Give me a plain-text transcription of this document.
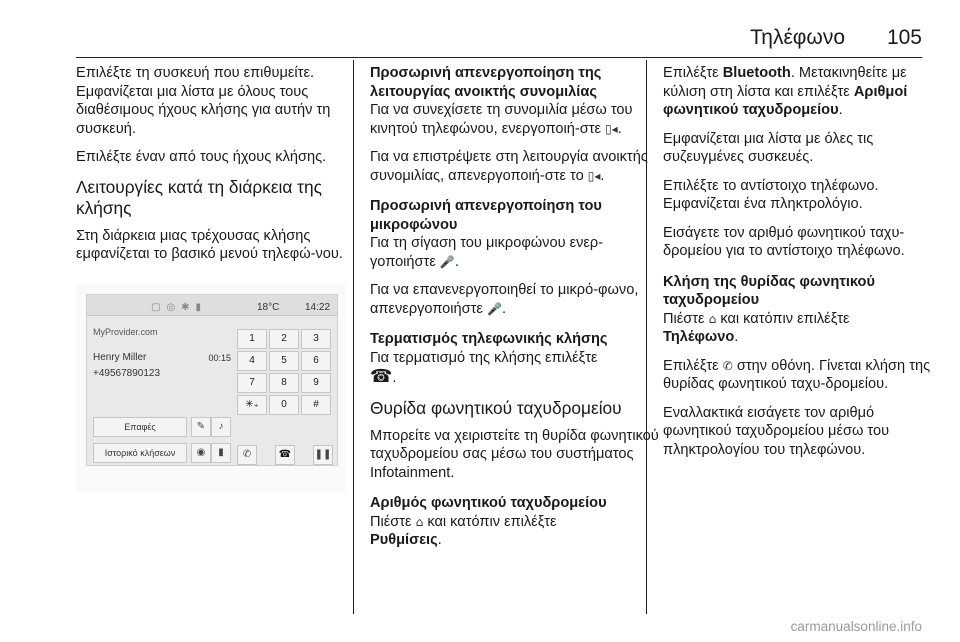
Τηλέφωνο 105

Επιλέξτε τη συσκευή που επιθυμείτε. Εμφανίζεται μια λίστα με όλους τους διαθέσιμους ήχους κλήσης για αυτήν τη συσκευή.

Επιλέξτε έναν από τους ήχους κλήσης.

Λειτουργίες κατά τη διάρκεια της κλήσης

Στη διάρκεια μιας τρέχουσας κλήσης εμφανίζεται το βασικό μενού τηλεφώ-νου.

▢◎✱▮	18°C	14:22
MyProvider.com
Henry Miller	00:15
+49567890123
1	2	3
4	5	6
7	8	9
✳₊	0	#
Επαφές	✎	♪
Ιστορικό κλήσεων	◉	▮	✆	☎	❚❚
Προσωρινή απενεργοποίηση της λειτουργίας ανοικτής συνομιλίας

Για να συνεχίσετε τη συνομιλία μέσω του κινητού τηλεφώνου, ενεργοποιή-στε ▯◂.

Για να επιστρέψετε στη λειτουργία ανοικτής συνομιλίας, απενεργοποιή-στε το ▯◂.

Προσωρινή απενεργοποίηση του μικροφώνου

Για τη σίγαση του μικροφώνου ενερ-γοποιήστε 🎤.

Για να επανενεργοποιηθεί το μικρό-φωνο, απενεργοποιήστε 🎤.

Τερματισμός τηλεφωνικής κλήσης

Για τερματισμό της κλήσης επιλέξτε
☎.

Θυρίδα φωνητικού ταχυδρομείου

Μπορείτε να χειριστείτε τη θυρίδα φωνητικού ταχυδρομείου σας μέσω του συστήματος Infotainment.

Αριθμός φωνητικού ταχυδρομείου

Πιέστε ⌂ και κατόπιν επιλέξτε
Ρυθμίσεις.

Επιλέξτε Bluetooth. Μετακινηθείτε με κύλιση στη λίστα και επιλέξτε Αριθμοί φωνητικού ταχυδρομείου.

Εμφανίζεται μια λίστα με όλες τις συζευγμένες συσκευές.

Επιλέξτε το αντίστοιχο τηλέφωνο. Εμφανίζεται ένα πληκτρολόγιο.

Εισάγετε τον αριθμό φωνητικού ταχυ-δρομείου για το αντίστοιχο τηλέφωνο.

Κλήση της θυρίδας φωνητικού ταχυδρομείου

Πιέστε ⌂ και κατόπιν επιλέξτε
Τηλέφωνο.

Επιλέξτε ✆ στην οθόνη. Γίνεται κλήση της θυρίδας φωνητικού ταχυ-δρομείου.

Εναλλακτικά εισάγετε τον αριθμό φωνητικού ταχυδρομείου μέσω του πληκτρολογίου του τηλεφώνου.

carmanualsonline.info
